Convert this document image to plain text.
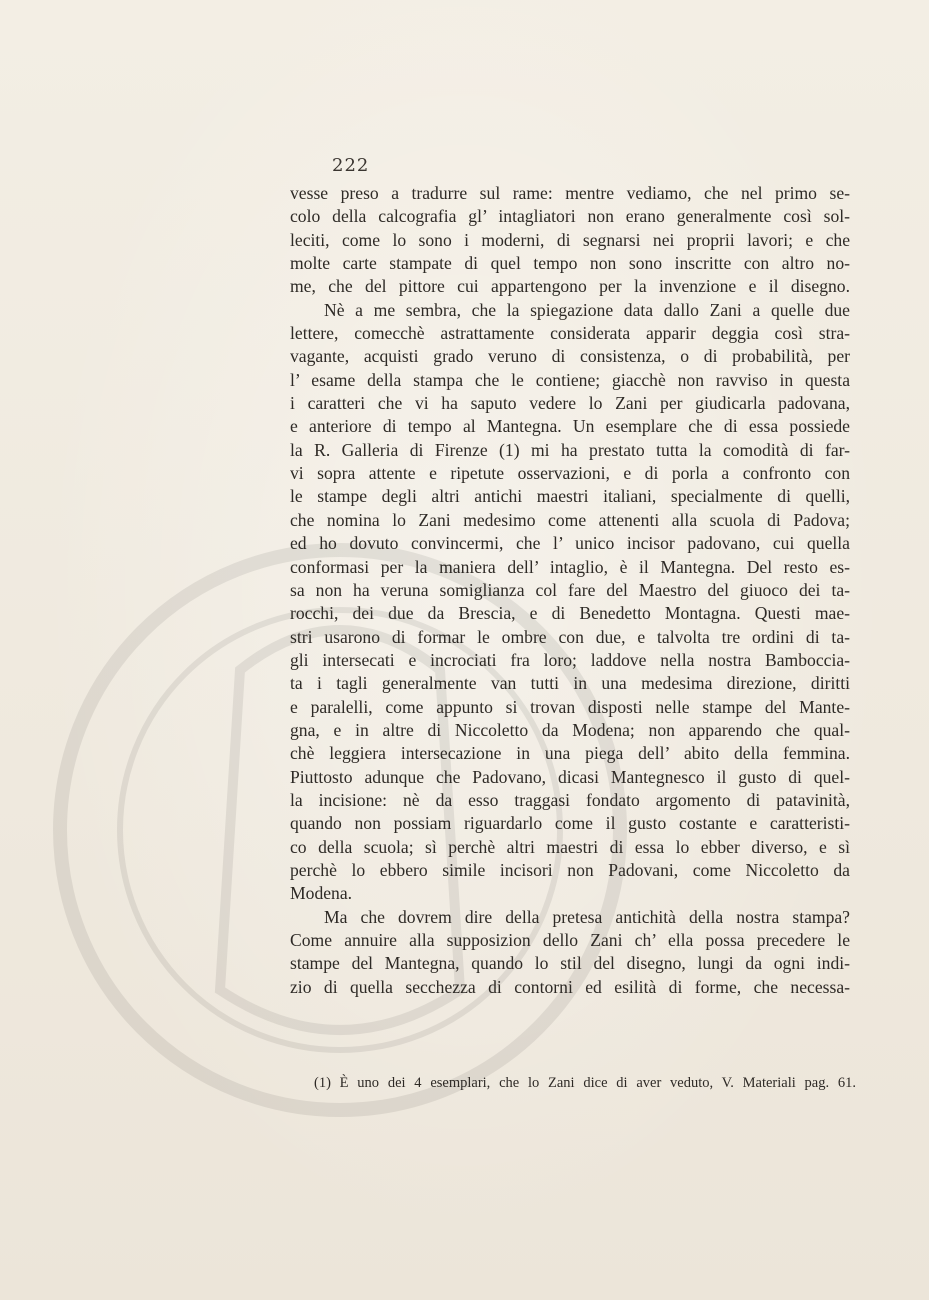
222
vesse preso a tradurre sul rame: mentre vediamo, che nel primo se-
colo della calcografia gl’ intagliatori non erano generalmente così sol-
leciti, come lo sono i moderni, di segnarsi nei proprii lavori; e che
molte carte stampate di quel tempo non sono inscritte con altro no-
me, che del pittore cui appartengono per la invenzione e il disegno.
Nè a me sembra, che la spiegazione data dallo Zani a quelle due
lettere, comecchè astrattamente considerata apparir deggia così stra-
vagante, acquisti grado veruno di consistenza, o di probabilità, per
l’ esame della stampa che le contiene; giacchè non ravviso in questa
i caratteri che vi ha saputo vedere lo Zani per giudicarla padovana,
e anteriore di tempo al Mantegna. Un esemplare che di essa possiede
la R. Galleria di Firenze (1) mi ha prestato tutta la comodità di far-
vi sopra attente e ripetute osservazioni, e di porla a confronto con
le stampe degli altri antichi maestri italiani, specialmente di quelli,
che nomina lo Zani medesimo come attenenti alla scuola di Padova;
ed ho dovuto convincermi, che l’ unico incisor padovano, cui quella
conformasi per la maniera dell’ intaglio, è il Mantegna. Del resto es-
sa non ha veruna somiglianza col fare del Maestro del giuoco dei ta-
rocchi, dei due da Brescia, e di Benedetto Montagna. Questi mae-
stri usarono di formar le ombre con due, e talvolta tre ordini di ta-
gli intersecati e incrociati fra loro; laddove nella nostra Bamboccia-
ta i tagli generalmente van tutti in una medesima direzione, diritti
e paralelli, come appunto si trovan disposti nelle stampe del Mante-
gna, e in altre di Niccoletto da Modena; non apparendo che qual-
chè leggiera intersecazione in una piega dell’ abito della femmina.
Piuttosto adunque che Padovano, dicasi Mantegnesco il gusto di quel-
la incisione: nè da esso traggasi fondato argomento di patavinità,
quando non possiam riguardarlo come il gusto costante e caratteristi-
co della scuola; sì perchè altri maestri di essa lo ebber diverso, e sì
perchè lo ebbero simile incisori non Padovani, come Niccoletto da
Modena.
Ma che dovrem dire della pretesa antichità della nostra stampa?
Come annuire alla supposizion dello Zani ch’ ella possa precedere le
stampe del Mantegna, quando lo stil del disegno, lungi da ogni indi-
zio di quella secchezza di contorni ed esilità di forme, che necessa-
(1) È uno dei 4 esemplari, che lo Zani dice di aver veduto, V. Materiali pag. 61.
